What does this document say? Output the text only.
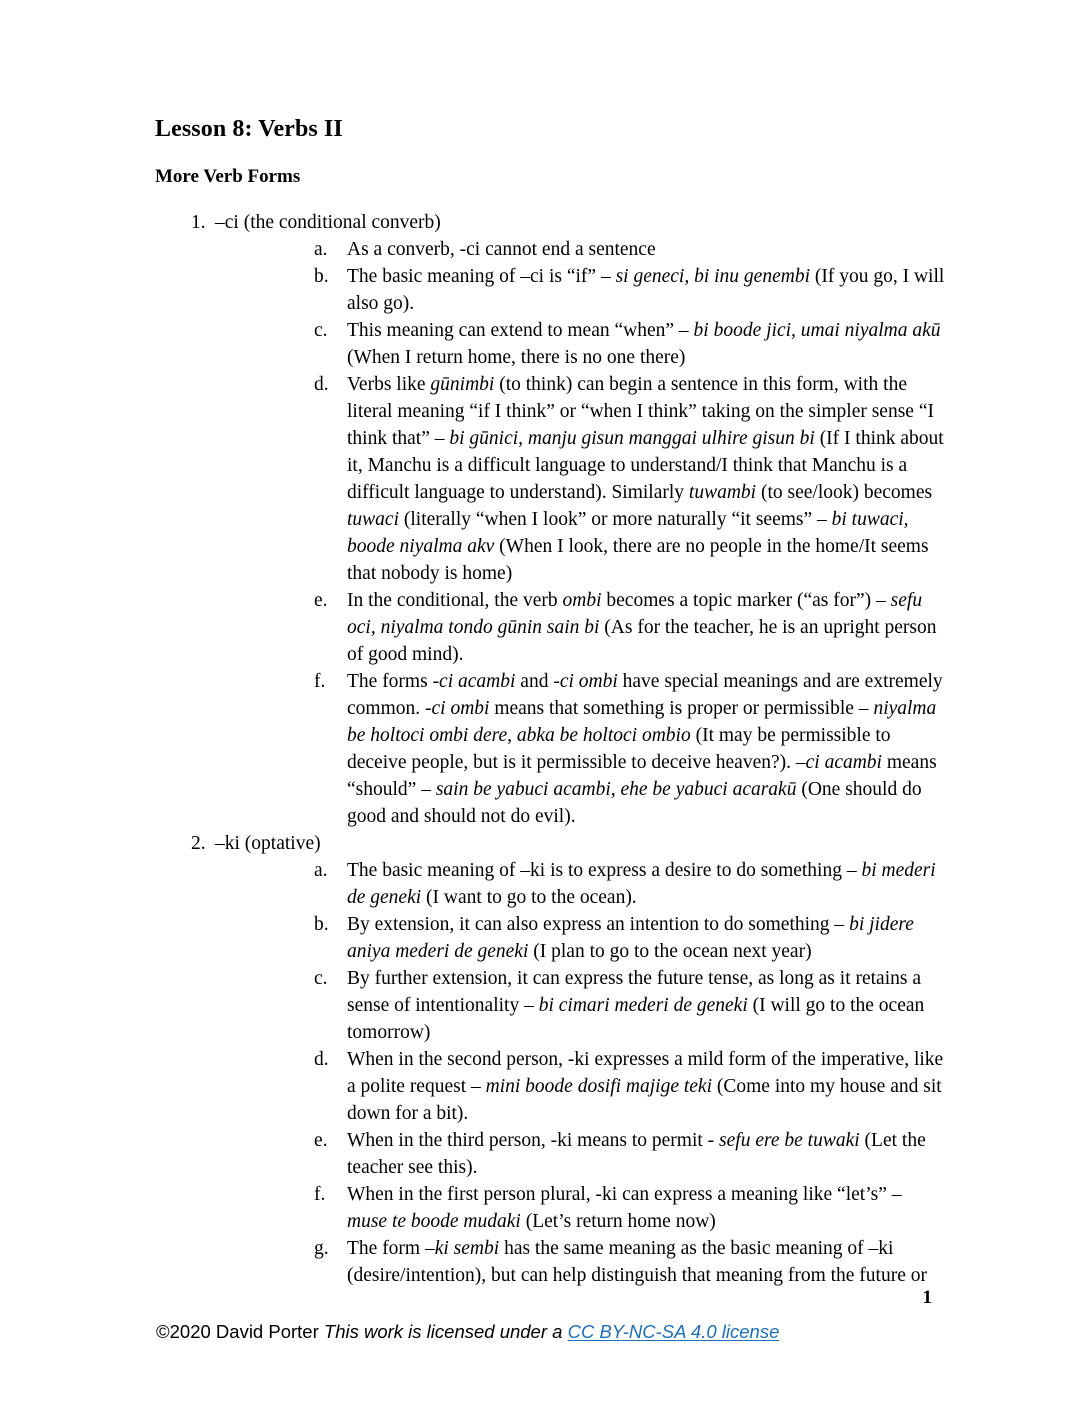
Lesson 8: Verbs II
More Verb Forms
1. –ci (the conditional converb)
a. As a converb, -ci cannot end a sentence
b. The basic meaning of –ci is “if” – si geneci, bi inu genembi (If you go, I will also go).
c. This meaning can extend to mean “when” – bi boode jici, umai niyalma akū (When I return home, there is no one there)
d. Verbs like gūnimbi (to think) can begin a sentence in this form, with the literal meaning “if I think” or “when I think” taking on the simpler sense “I think that” – bi gūnici, manju gisun manggai ulhire gisun bi (If I think about it, Manchu is a difficult language to understand/I think that Manchu is a difficult language to understand). Similarly tuwambi (to see/look) becomes tuwaci (literally “when I look” or more naturally “it seems” – bi tuwaci, boode niyalma akv (When I look, there are no people in the home/It seems that nobody is home)
e. In the conditional, the verb ombi becomes a topic marker (“as for”) – sefu oci, niyalma tondo gūnin sain bi (As for the teacher, he is an upright person of good mind).
f.	The forms -ci acambi and -ci ombi have special meanings and are extremely common. -ci ombi means that something is proper or permissible – niyalma be holtoci ombi dere, abka be holtoci ombio (It may be permissible to deceive people, but is it permissible to deceive heaven?). –ci acambi means “should” – sain be yabuci acambi, ehe be yabuci acarakū (One should do good and should not do evil).
2. –ki (optative)
a. The basic meaning of –ki is to express a desire to do something – bi mederi de geneki (I want to go to the ocean).
b. By extension, it can also express an intention to do something – bi jidere aniya mederi de geneki (I plan to go to the ocean next year)
c. By further extension, it can express the future tense, as long as it retains a sense of intentionality – bi cimari mederi de geneki (I will go to the ocean tomorrow)
d. When in the second person, -ki expresses a mild form of the imperative, like a polite request – mini boode dosifi majige teki (Come into my house and sit down for a bit).
e. When in the third person, -ki means to permit - sefu ere be tuwaki (Let the teacher see this).
f.	When in the first person plural, -ki can express a meaning like “let’s” – muse te boode mudaki (Let’s return home now)
g. The form –ki sembi has the same meaning as the basic meaning of –ki (desire/intention), but can help distinguish that meaning from the future or
1
©2020 David Porter This work is licensed under a CC BY-NC-SA 4.0 license
